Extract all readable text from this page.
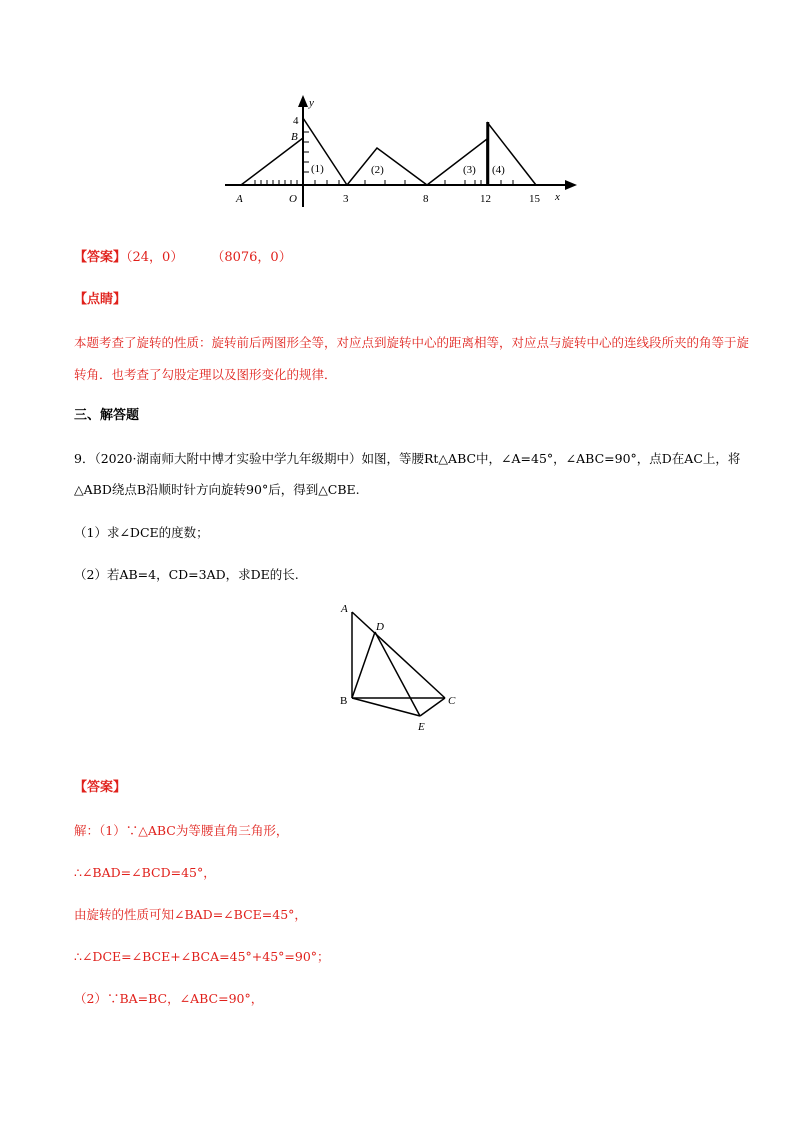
y
4
B
(1)	(2)	(3) (4)
A	O	3	8	12	15 x
【答案】（24，0） （8076，0）
【点睛】
本题考查了旋转的性质：旋转前后两图形全等，对应点到旋转中心的距离相等，对应点与旋转中心的连线段所夹的角等于旋
转角．也考查了勾股定理以及图形变化的规律．
三、解答题
9．（2020·湖南师大附中博才实验中学九年级期中）如图，等腰Rt△ABC中，∠A=45°，∠ABC=90°，点D在AC上，将
△ABD绕点B沿顺时针方向旋转90°后，得到△CBE.
（1）求∠DCE的度数；
（2）若AB=4，CD=3AD，求DE的长.
A
D
B	C
E
【答案】
解：（1）∵△ABC为等腰直角三角形，
∴∠BAD=∠BCD=45°，
由旋转的性质可知∠BAD=∠BCE=45°，
∴∠DCE=∠BCE+∠BCA=45°+45°=90°；
（2）∵BA=BC，∠ABC=90°，
